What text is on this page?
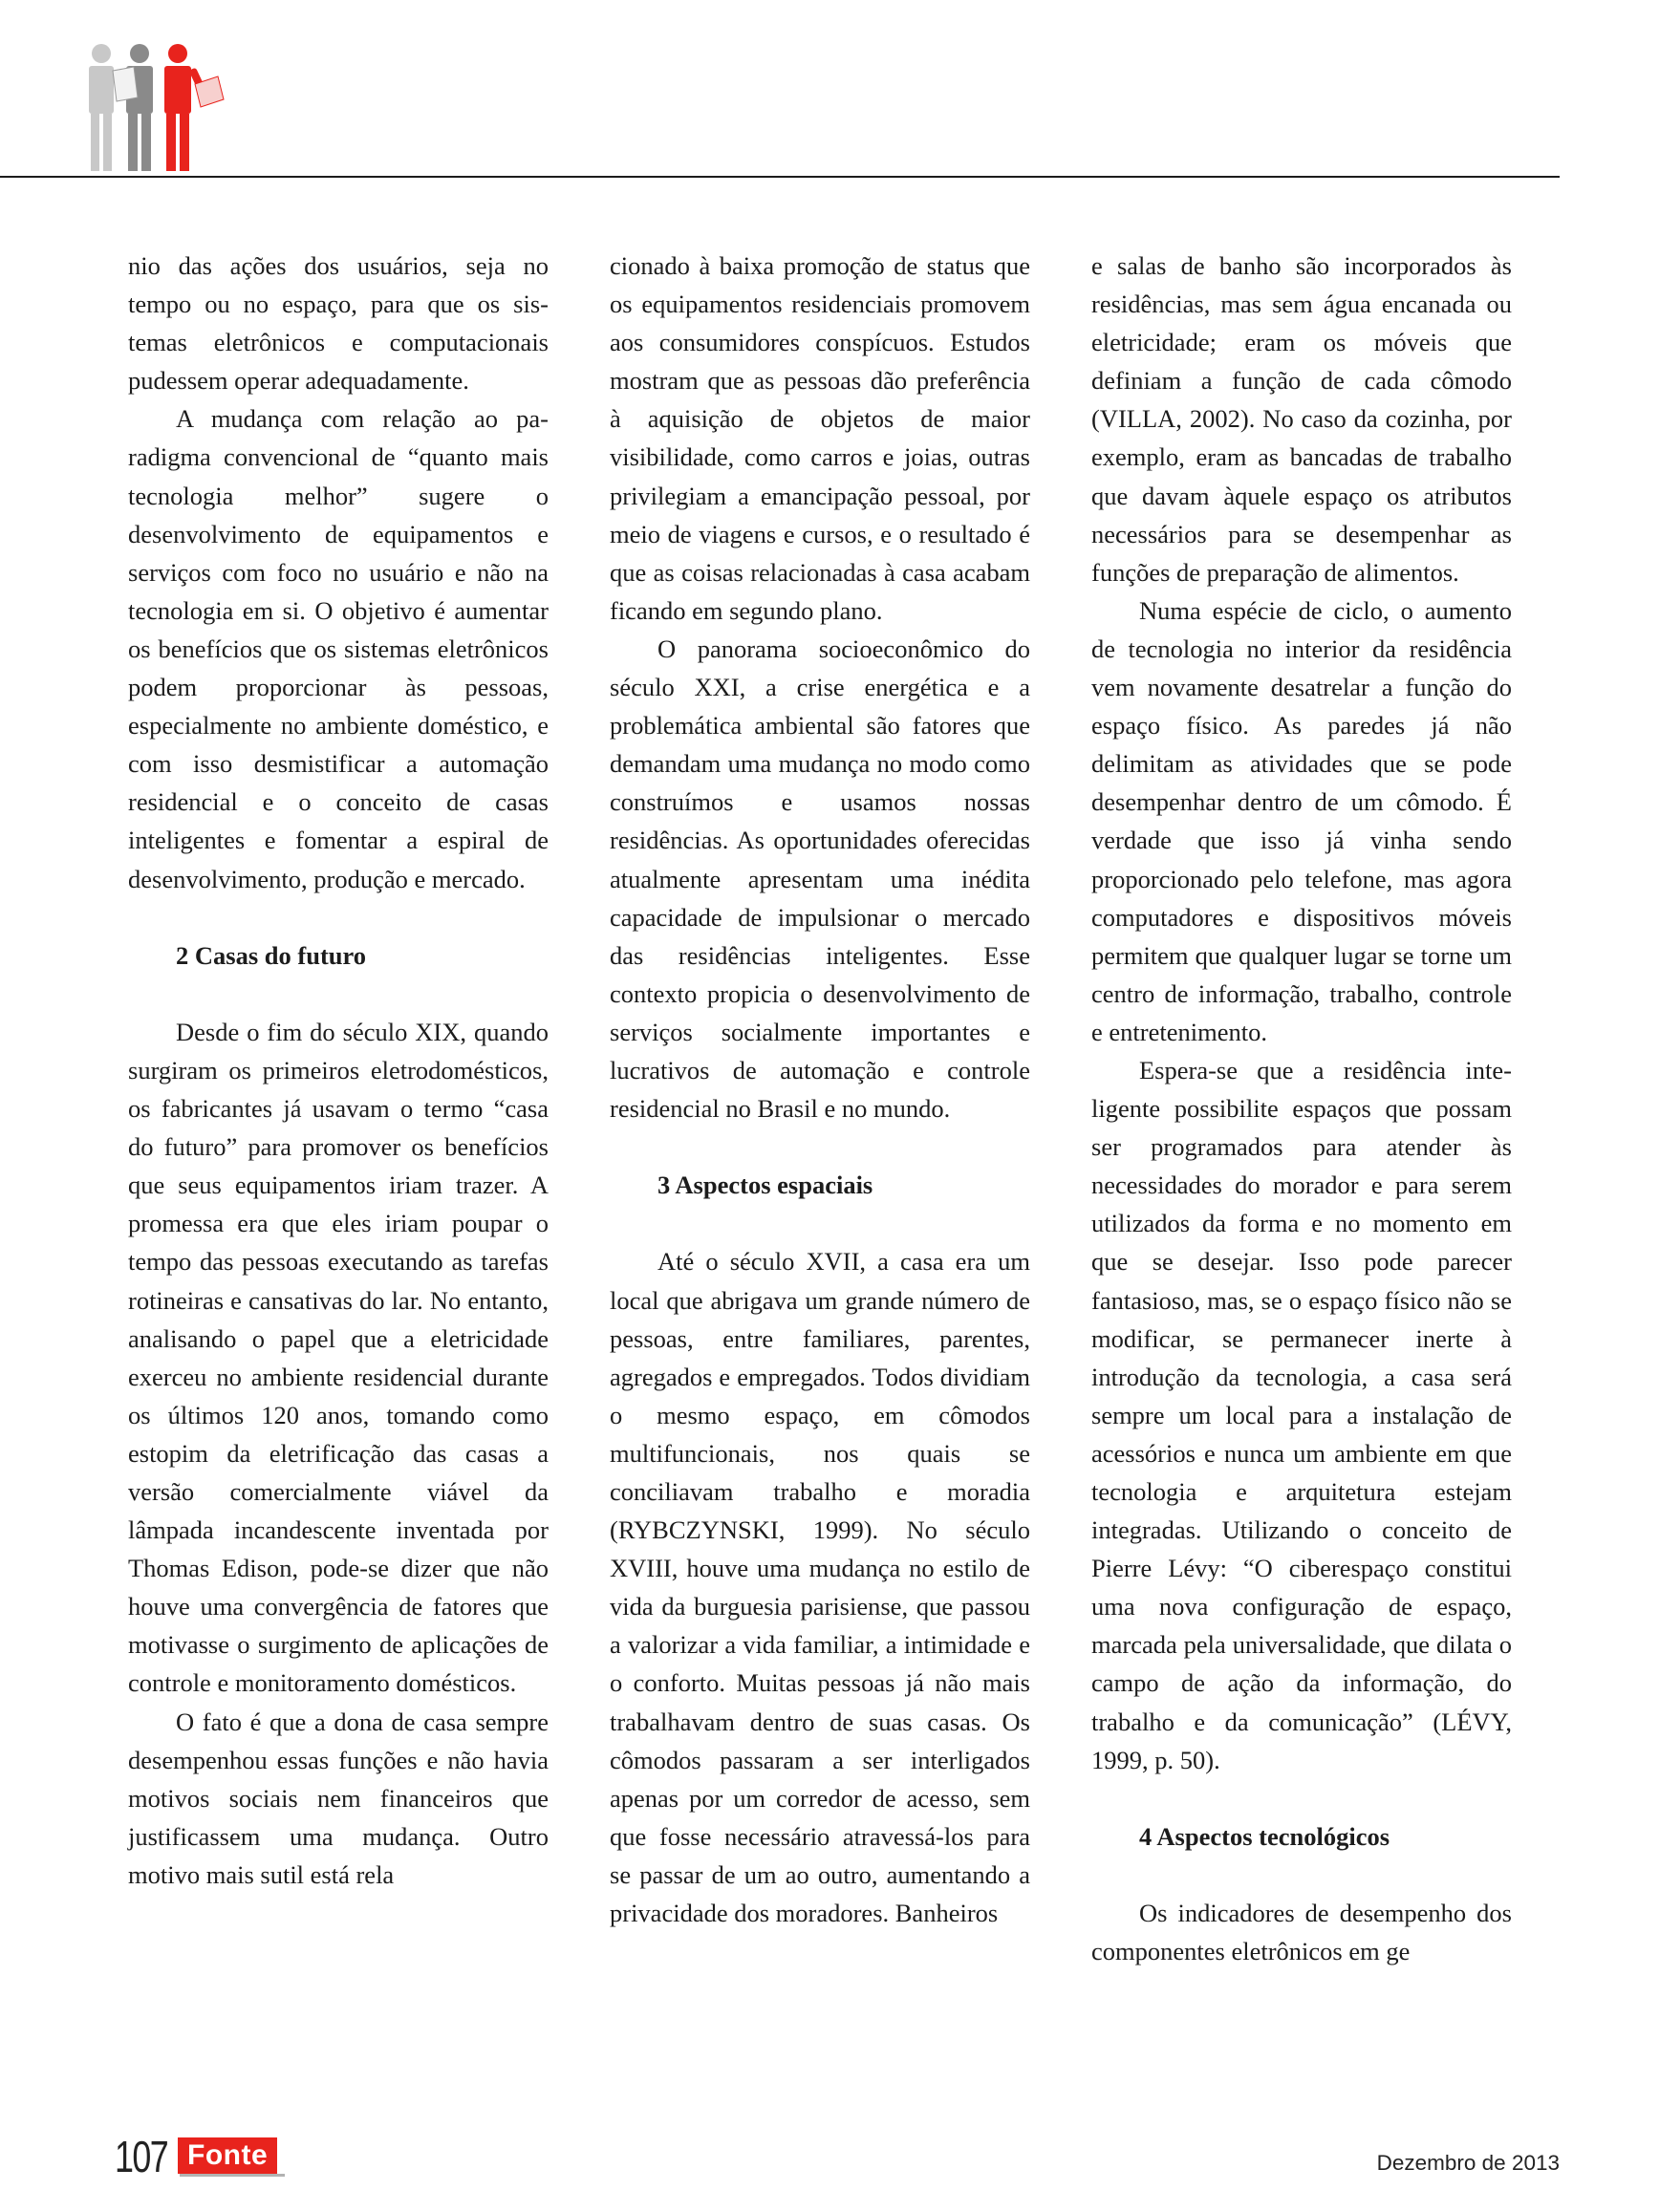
nio das ações dos usuários, seja no tempo ou no espaço, para que os sistemas eletrônicos e computacionais pudessem operar adequadamente.

A mudança com relação ao paradigma convencional de “quanto mais tecnologia melhor” sugere o desenvolvimento de equipamentos e serviços com foco no usuário e não na tecnologia em si. O objetivo é aumentar os benefícios que os sistemas eletrônicos podem proporcionar às pessoas, especialmente no ambiente doméstico, e com isso desmistificar a automação residencial e o conceito de casas inteligentes e fomentar a espiral de desenvolvimento, produção e mercado.

2 Casas do futuro

Desde o fim do século XIX, quando surgiram os primeiros eletrodomésticos, os fabricantes já usavam o termo “casa do futuro” para promover os benefícios que seus equipamentos iriam trazer. A promessa era que eles iriam poupar o tempo das pessoas executando as tarefas rotineiras e cansativas do lar. No entanto, analisando o papel que a eletricidade exerceu no ambiente residencial durante os últimos 120 anos, tomando como estopim da eletrificação das casas a versão comercialmente viável da lâmpada incandescente inventada por Thomas Edison, pode-se dizer que não houve uma convergência de fatores que motivasse o surgimento de aplicações de controle e monitoramento domésticos.

O fato é que a dona de casa sempre desempenhou essas funções e não havia motivos sociais nem financeiros que justificassem uma mudança. Outro motivo mais sutil está rela

cionado à baixa promoção de status que os equipamentos residenciais promovem aos consumidores conspícuos. Estudos mostram que as pessoas dão preferência à aquisição de objetos de maior visibilidade, como carros e joias, outras privilegiam a emancipação pessoal, por meio de viagens e cursos, e o resultado é que as coisas relacionadas à casa acabam ficando em segundo plano.

O panorama socioeconômico do século XXI, a crise energética e a problemática ambiental são fatores que demandam uma mudança no modo como construímos e usamos nossas residências. As oportunidades oferecidas atualmente apresentam uma inédita capacidade de impulsionar o mercado das residências inteligentes. Esse contexto propicia o desenvolvimento de serviços socialmente importantes e lucrativos de automação e controle residencial no Brasil e no mundo.

3 Aspectos espaciais

Até o século XVII, a casa era um local que abrigava um grande número de pessoas, entre familiares, parentes, agregados e empregados. Todos dividiam o mesmo espaço, em cômodos multifuncionais, nos quais se conciliavam trabalho e moradia (RYBCZYNSKI, 1999). No século XVIII, houve uma mudança no estilo de vida da burguesia parisiense, que passou a valorizar a vida familiar, a intimidade e o conforto. Muitas pessoas já não mais trabalhavam dentro de suas casas. Os cômodos passaram a ser interligados apenas por um corredor de acesso, sem que fosse necessário atravessá-los para se passar de um ao outro, aumentando a privacidade dos moradores. Banheiros

e salas de banho são incorporados às residências, mas sem água encanada ou eletricidade; eram os móveis que definiam a função de cada cômodo (VILLA, 2002). No caso da cozinha, por exemplo, eram as bancadas de trabalho que davam àquele espaço os atributos necessários para se desempenhar as funções de preparação de alimentos.

Numa espécie de ciclo, o aumento de tecnologia no interior da residência vem novamente desatrelar a função do espaço físico. As paredes já não delimitam as atividades que se pode desempenhar dentro de um cômodo. É verdade que isso já vinha sendo proporcionado pelo telefone, mas agora computadores e dispositivos móveis permitem que qualquer lugar se torne um centro de informação, trabalho, controle e entretenimento.

Espera-se que a residência inteligente possibilite espaços que possam ser programados para atender às necessidades do morador e para serem utilizados da forma e no momento em que se desejar. Isso pode parecer fantasioso, mas, se o espaço físico não se modificar, se permanecer inerte à introdução da tecnologia, a casa será sempre um local para a instalação de acessórios e nunca um ambiente em que tecnologia e arquitetura estejam integradas. Utilizando o conceito de Pierre Lévy: “O ciberespaço constitui uma nova configuração de espaço, marcada pela universalidade, que dilata o campo de ação da informação, do trabalho e da comunicação” (LÉVY, 1999, p. 50).

4 Aspectos tecnológicos

Os indicadores de desempenho dos componentes eletrônicos em ge

107 Fonte	Dezembro de 2013
